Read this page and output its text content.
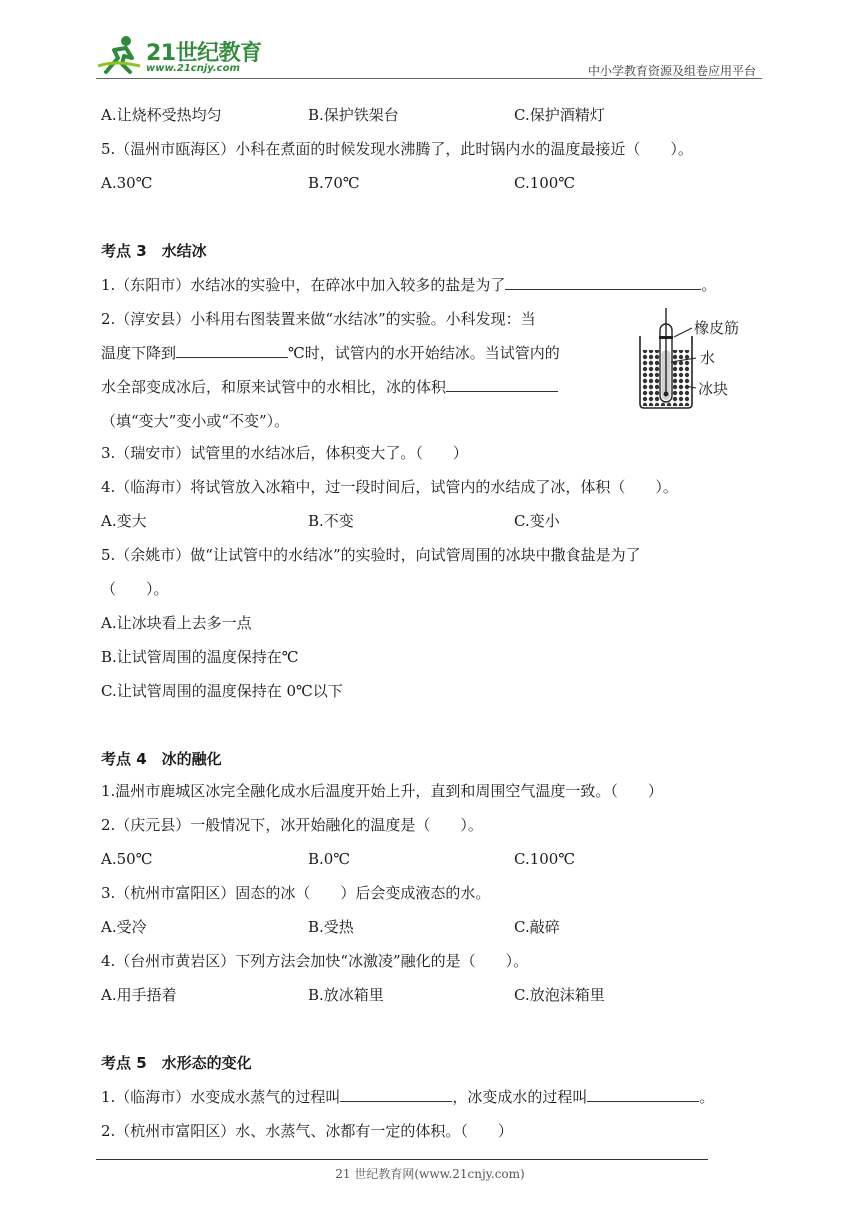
21世纪教育
www.21cnjy.com	中小学教育资源及组卷应用平台
A.让烧杯受热均匀	B.保护铁架台	C.保护酒精灯
5.（温州市瓯海区）小科在煮面的时候发现水沸腾了，此时锅内水的温度最接近（　　）。
A.30℃	B.70℃	C.100℃
考点 3　水结冰
1.（东阳市）水结冰的实验中，在碎冰中加入较多的盐是为了	。
2.（淳安县）小科用右图装置来做“水结冰”的实验。小科发现：当
温度下降到	℃时，试管内的水开始结冰。当试管内的
水全部变成冰后，和原来试管中的水相比，冰的体积
（填“变大”变小或“不变”）。
橡皮筋
水
冰块
3.（瑞安市）试管里的水结冰后，体积变大了。（　　）
4.（临海市）将试管放入冰箱中，过一段时间后，试管内的水结成了冰，体积（　　）。
A.变大	B.不变	C.变小
5.（余姚市）做“让试管中的水结冰”的实验时，向试管周围的冰块中撒食盐是为了
（　　）。
A.让冰块看上去多一点
B.让试管周围的温度保持在℃
C.让试管周围的温度保持在 0℃以下
考点 4　冰的融化
1.温州市鹿城区冰完全融化成水后温度开始上升，直到和周围空气温度一致。（　　）
2.（庆元县）一般情况下，冰开始融化的温度是（　　）。
A.50℃	B.0℃	C.100℃
3.（杭州市富阳区）固态的冰（　　）后会变成液态的水。
A.受冷	B.受热	C.敲碎
4.（台州市黄岩区）下列方法会加快“冰激凌”融化的是（　　）。
A.用手捂着	B.放冰箱里	C.放泡沫箱里
考点 5　水形态的变化
1.（临海市）水变成水蒸气的过程叫	，冰变成水的过程叫	。
2.（杭州市富阳区）水、水蒸气、冰都有一定的体积。（　　）
21 世纪教育网(www.21cnjy.com)
